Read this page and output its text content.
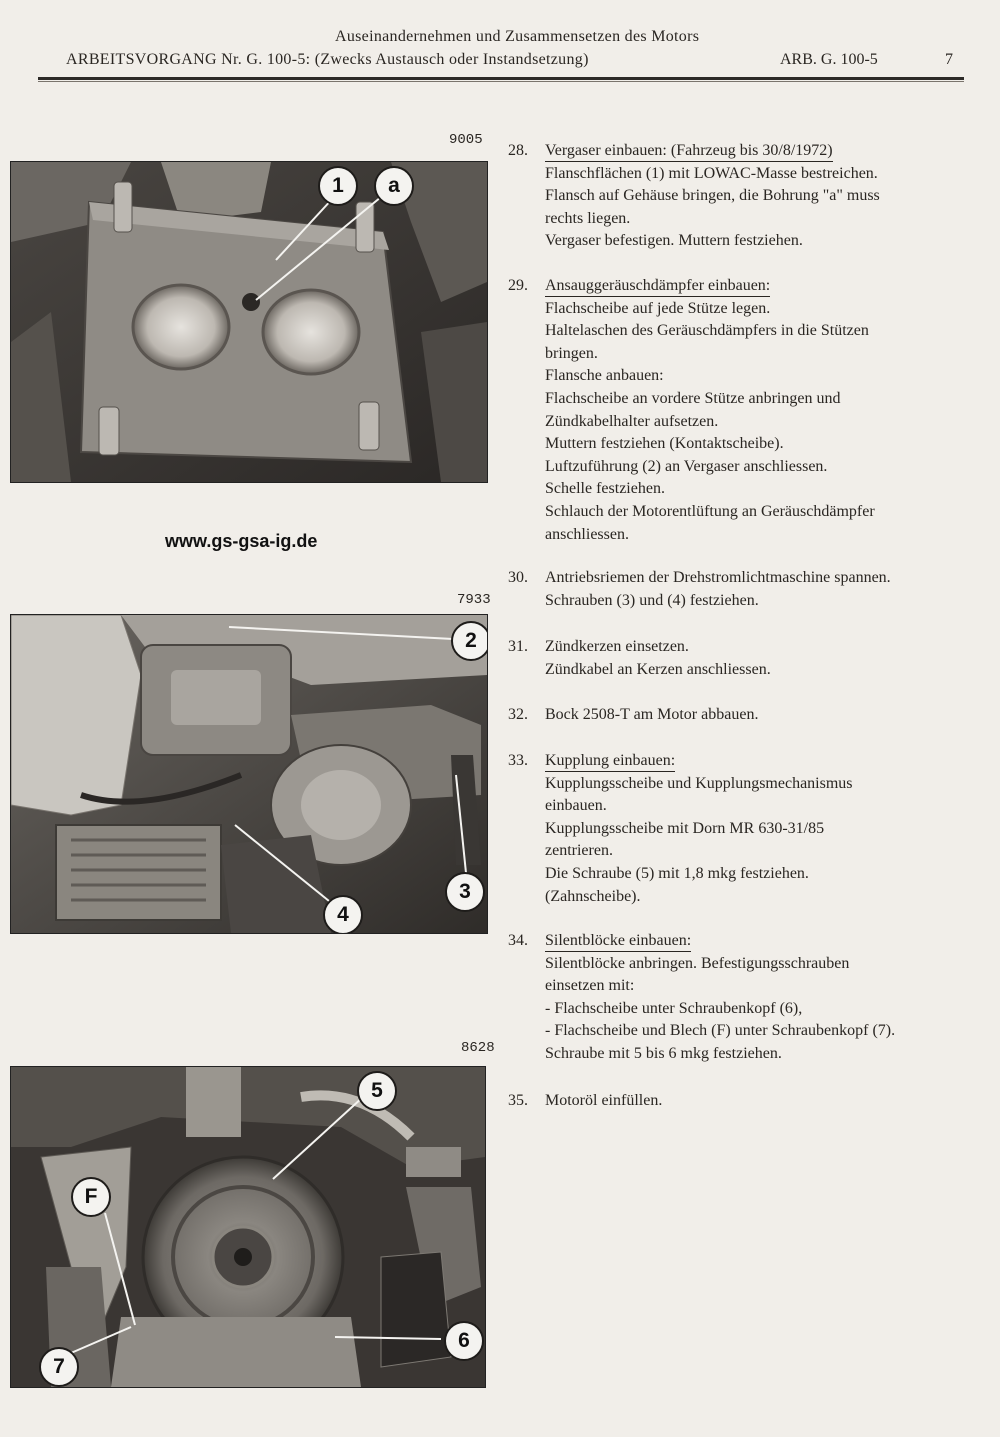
Auseinandernehmen und Zusammensetzen des Motors
ARBEITSVORGANG Nr. G. 100-5: (Zwecks Austausch oder Instandsetzung)	ARB. G. 100-5	7
9005
1	a
www.gs-gsa-ig.de
7933
2
3
4
8628
5
F
6
7
28. Vergaser einbauen: (Fahrzeug bis 30/8/1972)
Flanschflächen (1) mit LOWAC-Masse bestreichen.
Flansch auf Gehäuse bringen, die Bohrung "a" muss
rechts liegen.
Vergaser befestigen. Muttern festziehen.
29. Ansauggeräuschdämpfer einbauen:
Flachscheibe auf jede Stütze legen.
Haltelaschen des Geräuschdämpfers in die Stützen
bringen.
Flansche anbauen:
Flachscheibe an vordere Stütze anbringen und
Zündkabelhalter aufsetzen.
Muttern festziehen (Kontaktscheibe).
Luftzuführung (2) an Vergaser anschliessen.
Schelle festziehen.
Schlauch der Motorentlüftung an Geräuschdämpfer
anschliessen.
30. Antriebsriemen der Drehstromlichtmaschine spannen.
Schrauben (3) und (4) festziehen.
31. Zündkerzen einsetzen.
Zündkabel an Kerzen anschliessen.
32. Bock 2508-T am Motor abbauen.
33. Kupplung einbauen:
Kupplungsscheibe und Kupplungsmechanismus
einbauen.
Kupplungsscheibe mit Dorn MR 630-31/85
zentrieren.
Die Schraube (5) mit 1,8 mkg festziehen.
(Zahnscheibe).
34. Silentblöcke einbauen:
Silentblöcke anbringen. Befestigungsschrauben
einsetzen mit:
- Flachscheibe unter Schraubenkopf (6),
- Flachscheibe und Blech (F) unter Schraubenkopf (7).
Schraube mit 5 bis 6 mkg festziehen.
35. Motoröl einfüllen.
